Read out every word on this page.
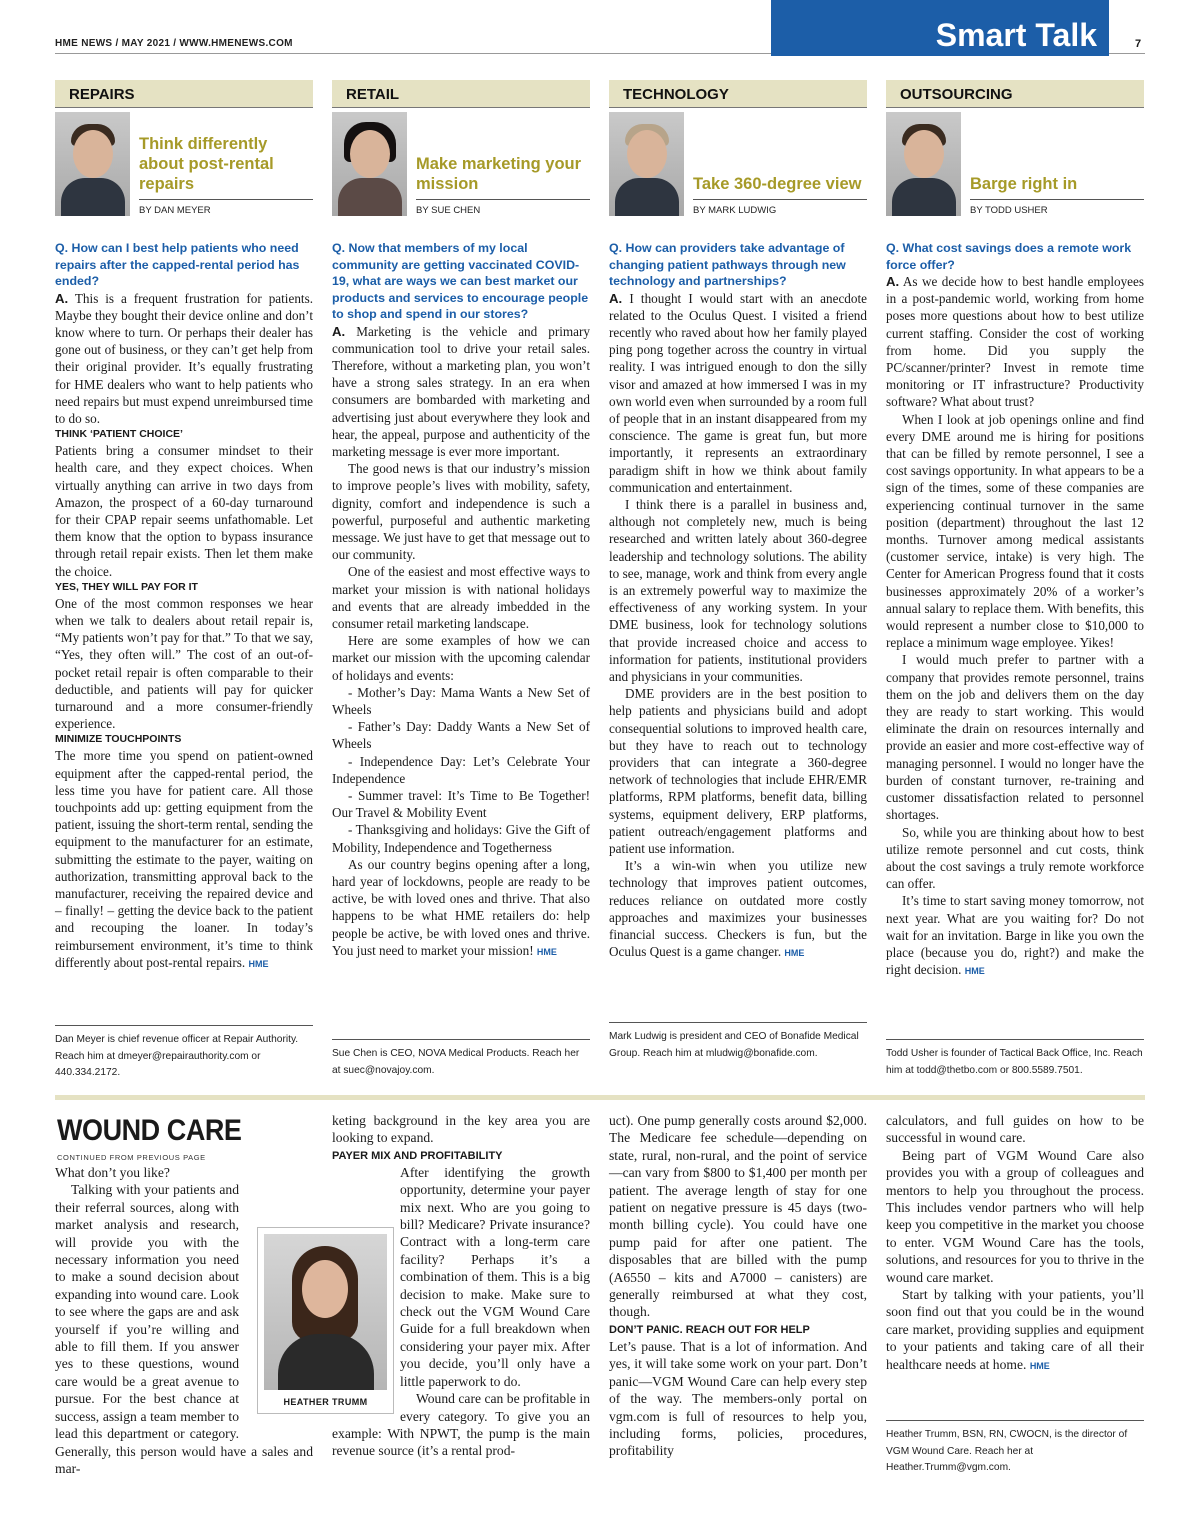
HME NEWS / MAY 2021 / WWW.HMENEWS.COM	Smart Talk	7
REPAIRS
Think differently about post-rental repairs
BY DAN MEYER

Q. How can I best help patients who need repairs after the capped-rental period has ended?

A. This is a frequent frustration for patients. Maybe they bought their device online and don’t know where to turn. Or perhaps their dealer has gone out of business, or they can’t get help from their original provider. It’s equally frustrating for HME dealers who want to help patients who need repairs but must expend unreimbursed time to do so.

THINK ‘PATIENT CHOICE’

Patients bring a consumer mindset to their health care, and they expect choices. When virtually anything can arrive in two days from Amazon, the prospect of a 60-day turnaround for their CPAP repair seems unfathomable. Let them know that the option to bypass insurance through retail repair exists. Then let them make the choice.

YES, THEY WILL PAY FOR IT

One of the most common responses we hear when we talk to dealers about retail repair is, “My patients won’t pay for that.” To that we say, “Yes, they often will.” The cost of an out-of-pocket retail repair is often comparable to their deductible, and patients will pay for quicker turnaround and a more consumer-friendly experience.

MINIMIZE TOUCHPOINTS

The more time you spend on patient-owned equipment after the capped-rental period, the less time you have for patient care. All those touchpoints add up: getting equipment from the patient, issuing the short-term rental, sending the equipment to the manufacturer for an estimate, submitting the estimate to the payer, waiting on authorization, transmitting approval back to the manufacturer, receiving the repaired device and – finally! – getting the device back to the patient and recouping the loaner. In today’s reimbursement environment, it’s time to think differently about post-rental repairs. HME

Dan Meyer is chief revenue officer at Repair Authority. Reach him at dmeyer@repairauthority.com or 440.334.2172.
RETAIL
Make marketing your mission
BY SUE CHEN

Q. Now that members of my local community are getting vaccinated COVID-19, what are ways we can best market our products and services to encourage people to shop and spend in our stores?

A. Marketing is the vehicle and primary communication tool to drive your retail sales. Therefore, without a marketing plan, you won’t have a strong sales strategy. In an era when consumers are bombarded with marketing and advertising just about everywhere they look and hear, the appeal, purpose and authenticity of the marketing message is ever more important.

The good news is that our industry’s mission to improve people’s lives with mobility, safety, dignity, comfort and independence is such a powerful, purposeful and authentic marketing message. We just have to get that message out to our community.

One of the easiest and most effective ways to market your mission is with national holidays and events that are already imbedded in the consumer retail marketing landscape.

Here are some examples of how we can market our mission with the upcoming calendar of holidays and events:

- Mother’s Day: Mama Wants a New Set of Wheels

- Father’s Day: Daddy Wants a New Set of Wheels

- Independence Day: Let’s Celebrate Your Independence

- Summer travel: It’s Time to Be Together! Our Travel & Mobility Event

- Thanksgiving and holidays: Give the Gift of Mobility, Independence and Togetherness

As our country begins opening after a long, hard year of lockdowns, people are ready to be active, be with loved ones and thrive. That also happens to be what HME retailers do: help people be active, be with loved ones and thrive. You just need to market your mission! HME

Sue Chen is CEO, NOVA Medical Products. Reach her at suec@novajoy.com.
TECHNOLOGY
Take 360-degree view
BY MARK LUDWIG

Q. How can providers take advantage of changing patient pathways through new technology and partnerships?

A. I thought I would start with an anecdote related to the Oculus Quest. I visited a friend recently who raved about how her family played ping pong together across the country in virtual reality. I was intrigued enough to don the silly visor and amazed at how immersed I was in my own world even when surrounded by a room full of people that in an instant disappeared from my conscience. The game is great fun, but more importantly, it represents an extraordinary paradigm shift in how we think about family communication and entertainment.

I think there is a parallel in business and, although not completely new, much is being researched and written lately about 360-degree leadership and technology solutions. The ability to see, manage, work and think from every angle is an extremely powerful way to maximize the effectiveness of any working system. In your DME business, look for technology solutions that provide increased choice and access to information for patients, institutional providers and physicians in your communities.

DME providers are in the best position to help patients and physicians build and adopt consequential solutions to improved health care, but they have to reach out to technology providers that can integrate a 360-degree network of technologies that include EHR/EMR platforms, RPM platforms, benefit data, billing systems, equipment delivery, ERP platforms, patient outreach/engagement platforms and patient use information.

It’s a win-win when you utilize new technology that improves patient outcomes, reduces reliance on outdated more costly approaches and maximizes your businesses financial success. Checkers is fun, but the Oculus Quest is a game changer. HME

Mark Ludwig is president and CEO of Bonafide Medical Group. Reach him at mludwig@bonafide.com.
OUTSOURCING
Barge right in
BY TODD USHER

Q. What cost savings does a remote work force offer?

A. As we decide how to best handle employees in a post-pandemic world, working from home poses more questions about how to best utilize current staffing. Consider the cost of working from home. Did you supply the PC/scanner/printer? Invest in remote time monitoring or IT infrastructure? Productivity software? What about trust?

When I look at job openings online and find every DME around me is hiring for positions that can be filled by remote personnel, I see a cost savings opportunity. In what appears to be a sign of the times, some of these companies are experiencing continual turnover in the same position (department) throughout the last 12 months. Turnover among medical assistants (customer service, intake) is very high. The Center for American Progress found that it costs businesses approximately 20% of a worker’s annual salary to replace them. With benefits, this would represent a number close to $10,000 to replace a minimum wage employee. Yikes!

I would much prefer to partner with a company that provides remote personnel, trains them on the job and delivers them on the day they are ready to start working. This would eliminate the drain on resources internally and provide an easier and more cost-effective way of managing personnel. I would no longer have the burden of constant turnover, re-training and customer dissatisfaction related to personnel shortages.

So, while you are thinking about how to best utilize remote personnel and cut costs, think about the cost savings a truly remote workforce can offer.

It’s time to start saving money tomorrow, not next year. What are you waiting for? Do not wait for an invitation. Barge in like you own the place (because you do, right?) and make the right decision. HME

Todd Usher is founder of Tactical Back Office, Inc. Reach him at todd@thetbo.com or 800.5589.7501.
WOUND CARE
CONTINUED FROM PREVIOUS PAGE

What don’t you like?

Talking with your patients and their referral sources, along with market analysis and research, will provide you with the necessary information you need to make a sound decision about expanding into wound care. Look to see where the gaps are and ask yourself if you’re willing and able to fill them. If you answer yes to these questions, wound care would be a great avenue to pursue. For the best chance at success, assign a team member to lead this department or category. Generally, this person would have a sales and mar-

keting background in the key area you are looking to expand.

PAYER MIX AND PROFITABILITY

After identifying the growth opportunity, determine your payer mix next. Who are you going to bill? Medicare? Private insurance? Contract with a long-term care facility? Perhaps it’s a combination of them. This is a big decision to make. Make sure to check out the VGM Wound Care Guide for a full breakdown when considering your payer mix. After you decide, you’ll only have a little paperwork to do.

Wound care can be profitable in every category. To give you an example: With NPWT, the pump is the main revenue source (it’s a rental prod-

HEATHER TRUMM

uct). One pump generally costs around $2,000. The Medicare fee schedule—depending on state, rural, non-rural, and the point of service—can vary from $800 to $1,400 per month per patient. The average length of stay for one patient on negative pressure is 45 days (two-month billing cycle). You could have one pump paid for after one patient. The disposables that are billed with the pump (A6550 – kits and A7000 – canisters) are generally reimbursed at what they cost, though.

DON’T PANIC. REACH OUT FOR HELP

Let’s pause. That is a lot of information. And yes, it will take some work on your part. Don’t panic—VGM Wound Care can help every step of the way. The members-only portal on vgm.com is full of resources to help you, including forms, policies, procedures, profitability

calculators, and full guides on how to be successful in wound care.

Being part of VGM Wound Care also provides you with a group of colleagues and mentors to help you throughout the process. This includes vendor partners who will help keep you competitive in the market you choose to enter. VGM Wound Care has the tools, solutions, and resources for you to thrive in the wound care market.

Start by talking with your patients, you’ll soon find out that you could be in the wound care market, providing supplies and equipment to your patients and taking care of all their healthcare needs at home. HME

Heather Trumm, BSN, RN, CWOCN, is the director of VGM Wound Care. Reach her at Heather.Trumm@vgm.com.
